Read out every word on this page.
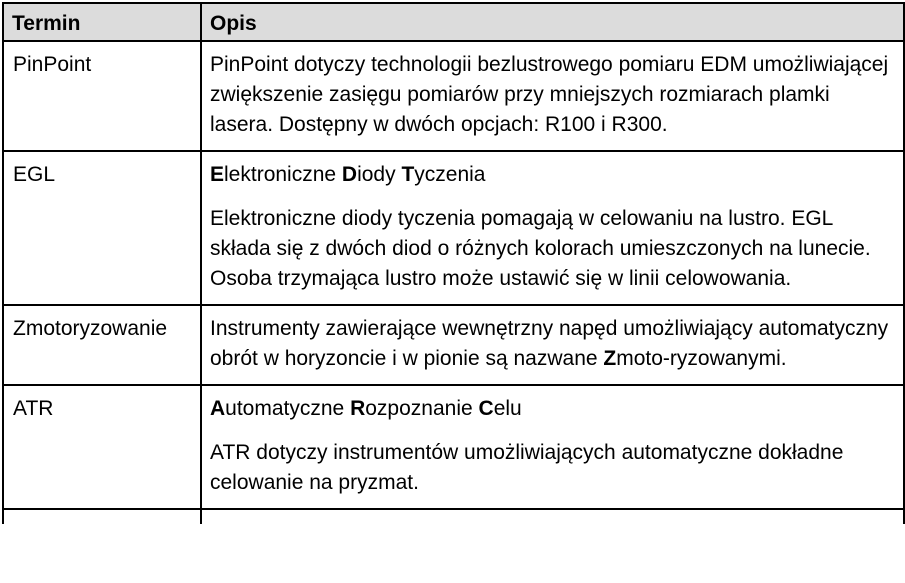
Termin	Opis
PinPoint	PinPoint dotyczy technologii bezlustrowego pomiaru EDM umożliwiającej zwiększenie zasięgu pomiarów przy mniejszych rozmiarach plamki lasera. Dostępny w dwóch opcjach: R100 i R300.

EGL	Elektroniczne Diody Tyczenia

Elektroniczne diody tyczenia pomagają w celowaniu na lustro. EGL składa się z dwóch diod o różnych kolorach umieszczonych na lunecie. Osoba trzymająca lustro może ustawić się w linii celowowania.

Zmotoryzowanie	Instrumenty zawierające wewnętrzny napęd umożliwiający automatyczny obrót w horyzoncie i w pionie są nazwane Zmoto-ryzowanymi.

ATR	Automatyczne Rozpoznanie Celu

ATR dotyczy instrumentów umożliwiających automatyczne dokładne celowanie na pryzmat.
